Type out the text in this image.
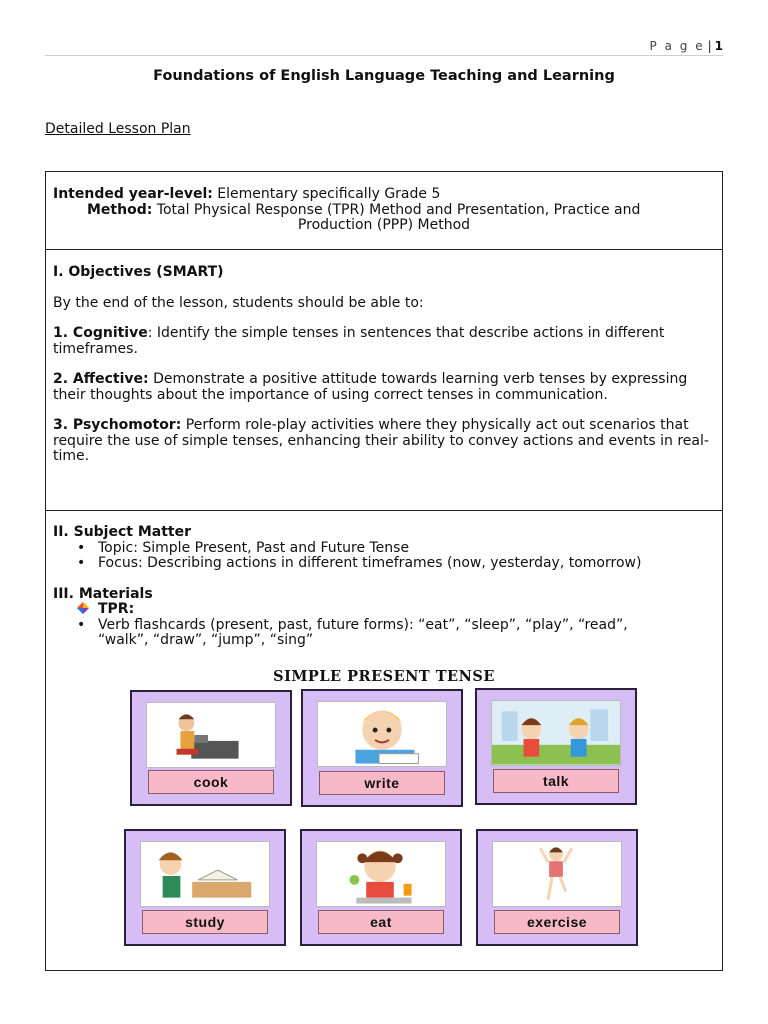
P a g e | 1
Foundations of English Language Teaching and Learning
Detailed Lesson Plan

Intended year-level: Elementary specifically Grade 5

Method: Total Physical Response (TPR) Method and Presentation, Practice and

Production (PPP) Method

I. Objectives (SMART)

By the end of the lesson, students should be able to:

1. Cognitive: Identify the simple tenses in sentences that describe actions in different timeframes.

2. Affective: Demonstrate a positive attitude towards learning verb tenses by expressing their thoughts about the importance of using correct tenses in communication.

3. Psychomotor: Perform role-play activities where they physically act out scenarios that require the use of simple tenses, enhancing their ability to convey actions and events in real-time.

II. Subject Matter

• Topic: Simple Present, Past and Future Tense

• Focus: Describing actions in different timeframes (now, yesterday, tomorrow)

III. Materials

TPR:

• Verb flashcards (present, past, future forms): “eat”, “sleep”, “play”, “read”,

“walk”, “draw”, “jump”, “sing”

SIMPLE PRESENT TENSE
cook	write	talk
study	eat	exercise
